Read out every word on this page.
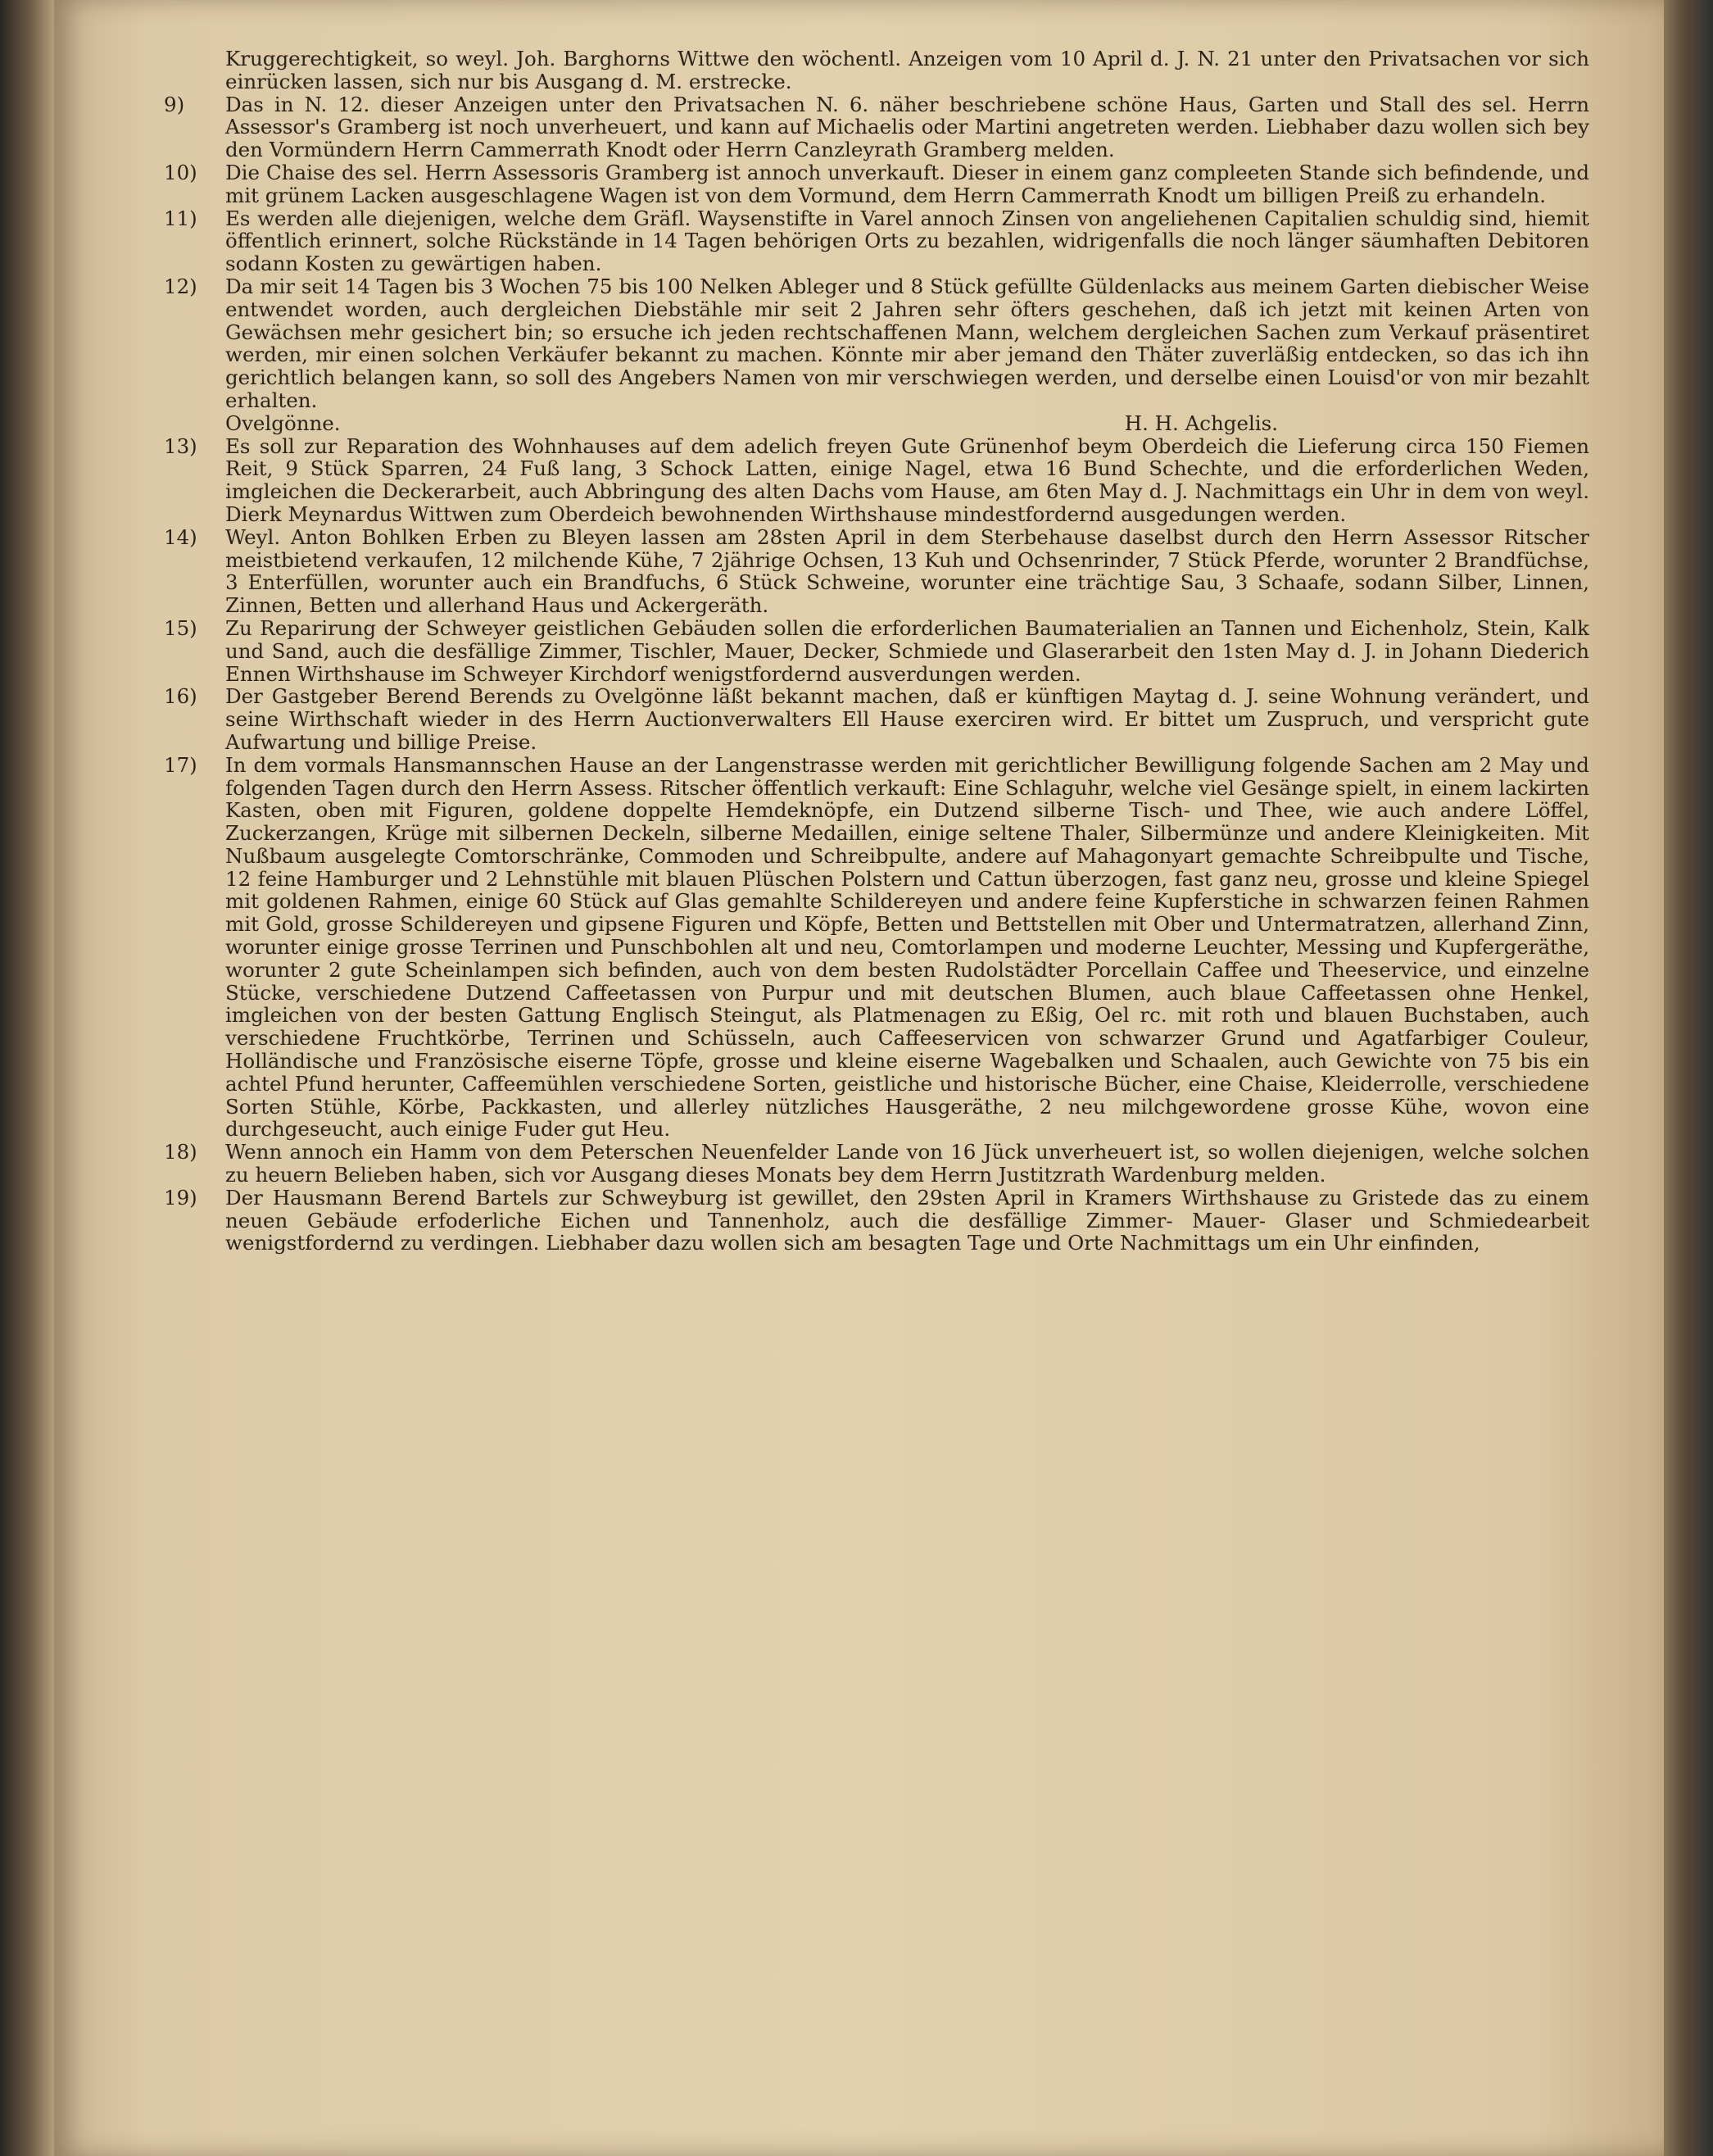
Kruggerechtigkeit, so weyl. Joh. Barghorns Wittwe den wöchentl. Anzeigen vom 10 April d. J. N. 21 unter den Privatsachen vor sich einrücken lassen, sich nur bis Ausgang d. M. erstrecke.

9)	Das in N. 12. dieser Anzeigen unter den Privatsachen N. 6. näher beschriebene schöne Haus, Garten und Stall des sel. Herrn Assessor's Gramberg ist noch unverheuert, und kann auf Michaelis oder Martini angetreten werden. Liebhaber dazu wollen sich bey den Vormündern Herrn Cammerrath Knodt oder Herrn Canzleyrath Gramberg melden.

10)	Die Chaise des sel. Herrn Assessoris Gramberg ist annoch unverkauft. Dieser in einem ganz compleeten Stande sich befindende, und mit grünem Lacken ausgeschlagene Wagen ist von dem Vormund, dem Herrn Cammerrath Knodt um billigen Preiß zu erhandeln.

11)	Es werden alle diejenigen, welche dem Gräfl. Waysenstifte in Varel annoch Zinsen von angeliehenen Capitalien schuldig sind, hiemit öffentlich erinnert, solche Rückstände in 14 Tagen behörigen Orts zu bezahlen, widrigenfalls die noch länger säumhaften Debitoren sodann Kosten zu gewärtigen haben.

12)	Da mir seit 14 Tagen bis 3 Wochen 75 bis 100 Nelken Ableger und 8 Stück gefüllte Güldenlacks aus meinem Garten diebischer Weise entwendet worden, auch dergleichen Diebstähle mir seit 2 Jahren sehr öfters geschehen, daß ich jetzt mit keinen Arten von Gewächsen mehr gesichert bin; so ersuche ich jeden rechtschaffenen Mann, welchem dergleichen Sachen zum Verkauf präsentiret werden, mir einen solchen Verkäufer bekannt zu machen. Könnte mir aber jemand den Thäter zuverläßig entdecken, so das ich ihn gerichtlich belangen kann, so soll des Angebers Namen von mir verschwiegen werden, und derselbe einen Louisd'or von mir bezahlt erhalten.
Ovelgönne.	H. H. Achgelis.
13)	Es soll zur Reparation des Wohnhauses auf dem adelich freyen Gute Grünenhof beym Oberdeich die Lieferung circa 150 Fiemen Reit, 9 Stück Sparren, 24 Fuß lang, 3 Schock Latten, einige Nagel, etwa 16 Bund Schechte, und die erforderlichen Weden, imgleichen die Deckerarbeit, auch Abbringung des alten Dachs vom Hause, am 6ten May d. J. Nachmittags ein Uhr in dem von weyl. Dierk Meynardus Wittwen zum Oberdeich bewohnenden Wirthshause mindestfordernd ausgedungen werden.

14)	Weyl. Anton Bohlken Erben zu Bleyen lassen am 28sten April in dem Sterbehause daselbst durch den Herrn Assessor Ritscher meistbietend verkaufen, 12 milchende Kühe, 7 2jährige Ochsen, 13 Kuh und Ochsenrinder, 7 Stück Pferde, worunter 2 Brandfüchse, 3 Enterfüllen, worunter auch ein Brandfuchs, 6 Stück Schweine, worunter eine trächtige Sau, 3 Schaafe, sodann Silber, Linnen, Zinnen, Betten und allerhand Haus und Ackergeräth.

15)	Zu Reparirung der Schweyer geistlichen Gebäuden sollen die erforderlichen Baumaterialien an Tannen und Eichenholz, Stein, Kalk und Sand, auch die desfällige Zimmer, Tischler, Mauer, Decker, Schmiede und Glaserarbeit den 1sten May d. J. in Johann Diederich Ennen Wirthshause im Schweyer Kirchdorf wenigstfordernd ausverdungen werden.

16)	Der Gastgeber Berend Berends zu Ovelgönne läßt bekannt machen, daß er künftigen Maytag d. J. seine Wohnung verändert, und seine Wirthschaft wieder in des Herrn Auctionverwalters Ell Hause exerciren wird. Er bittet um Zuspruch, und verspricht gute Aufwartung und billige Preise.

17)	In dem vormals Hansmannschen Hause an der Langenstrasse werden mit gerichtlicher Bewilligung folgende Sachen am 2 May und folgenden Tagen durch den Herrn Assess. Ritscher öffentlich verkauft: Eine Schlaguhr, welche viel Gesänge spielt, in einem lackirten Kasten, oben mit Figuren, goldene doppelte Hemdeknöpfe, ein Dutzend silberne Tisch- und Thee, wie auch andere Löffel, Zuckerzangen, Krüge mit silbernen Deckeln, silberne Medaillen, einige seltene Thaler, Silbermünze und andere Kleinigkeiten. Mit Nußbaum ausgelegte Comtorschränke, Commoden und Schreibpulte, andere auf Mahagonyart gemachte Schreibpulte und Tische, 12 feine Hamburger und 2 Lehnstühle mit blauen Plüschen Polstern und Cattun überzogen, fast ganz neu, grosse und kleine Spiegel mit goldenen Rahmen, einige 60 Stück auf Glas gemahlte Schildereyen und andere feine Kupferstiche in schwarzen feinen Rahmen mit Gold, grosse Schildereyen und gipsene Figuren und Köpfe, Betten und Bettstellen mit Ober und Untermatratzen, allerhand Zinn, worunter einige grosse Terrinen und Punschbohlen alt und neu, Comtorlampen und moderne Leuchter, Messing und Kupfergeräthe, worunter 2 gute Scheinlampen sich befinden, auch von dem besten Rudolstädter Porcellain Caffee und Theeservice, und einzelne Stücke, verschiedene Dutzend Caffeetassen von Purpur und mit deutschen Blumen, auch blaue Caffeetassen ohne Henkel, imgleichen von der besten Gattung Englisch Steingut, als Platmenagen zu Eßig, Oel rc. mit roth und blauen Buchstaben, auch verschiedene Fruchtkörbe, Terrinen und Schüsseln, auch Caffeeservicen von schwarzer Grund und Agatfarbiger Couleur, Holländische und Französische eiserne Töpfe, grosse und kleine eiserne Wagebalken und Schaalen, auch Gewichte von 75 bis ein achtel Pfund herunter, Caffeemühlen verschiedene Sorten, geistliche und historische Bücher, eine Chaise, Kleiderrolle, verschiedene Sorten Stühle, Körbe, Packkasten, und allerley nützliches Hausgeräthe, 2 neu milchgewordene grosse Kühe, wovon eine durchgeseucht, auch einige Fuder gut Heu.

18)	Wenn annoch ein Hamm von dem Peterschen Neuenfelder Lande von 16 Jück unverheuert ist, so wollen diejenigen, welche solchen zu heuern Belieben haben, sich vor Ausgang dieses Monats bey dem Herrn Justitzrath Wardenburg melden.

19)	Der Hausmann Berend Bartels zur Schweyburg ist gewillet, den 29sten April in Kramers Wirthshause zu Gristede das zu einem neuen Gebäude erfoderliche Eichen und Tannenholz, auch die desfällige Zimmer- Mauer- Glaser und Schmiedearbeit wenigstfordernd zu verdingen. Liebhaber dazu wollen sich am besagten Tage und Orte Nachmittags um ein Uhr einfinden,
